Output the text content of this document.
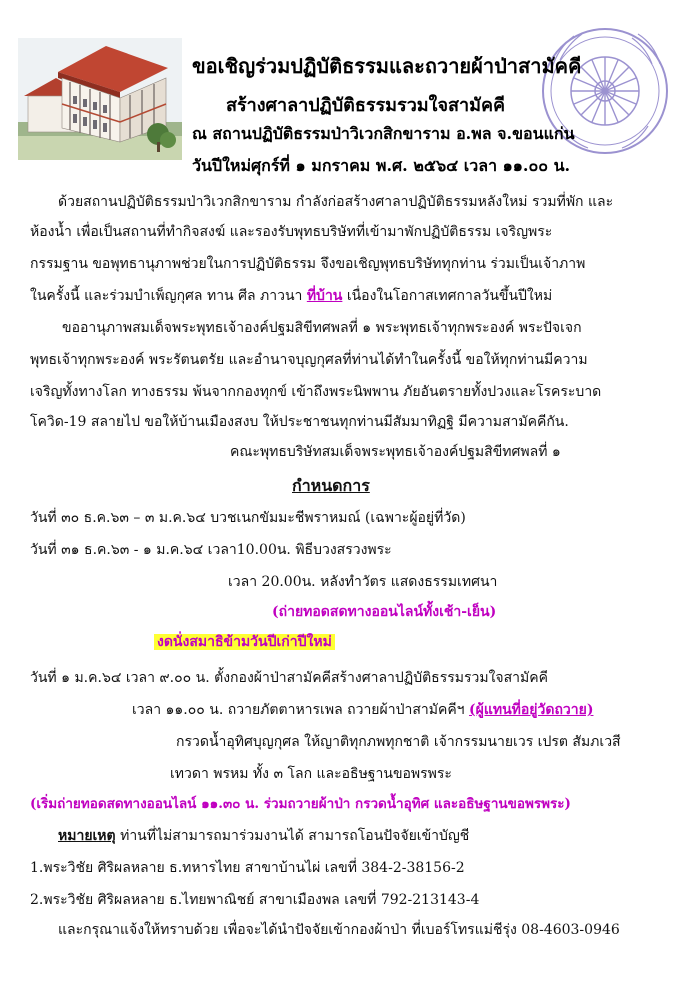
ขอเชิญร่วมปฏิบัติธรรมและถวายผ้าป่าสามัคคี
สร้างศาลาปฏิบัติธรรมรวมใจสามัคคี
ณ สถานปฏิบัติธรรมป่าวิเวกสิกขาราม อ.พล จ.ขอนแก่น
วันปีใหม่ศุกร์ที่ ๑ มกราคม พ.ศ. ๒๕๖๔ เวลา ๑๑.๐๐ น.
ด้วยสถานปฏิบัติธรรมป่าวิเวกสิกขาราม กำลังก่อสร้างศาลาปฏิบัติธรรมหลังใหม่ รวมที่พัก และ
ห้องน้ำ เพื่อเป็นสถานที่ทำกิจสงฆ์ และรองรับพุทธบริษัทที่เข้ามาพักปฏิบัติธรรม เจริญพระ
กรรมฐาน ขอพุทธานุภาพช่วยในการปฏิบัติธรรม จึงขอเชิญพุทธบริษัททุกท่าน ร่วมเป็นเจ้าภาพ
ในครั้งนี้ และร่วมบำเพ็ญกุศล ทาน ศีล ภาวนา ที่บ้าน เนื่องในโอกาสเทศกาลวันขึ้นปีใหม่
ขออานุภาพสมเด็จพระพุทธเจ้าองค์ปฐมสิขีทศพลที่ ๑ พระพุทธเจ้าทุกพระองค์ พระปัจเจก
พุทธเจ้าทุกพระองค์ พระรัตนตรัย และอำนาจบุญกุศลที่ท่านได้ทำในครั้งนี้ ขอให้ทุกท่านมีความ
เจริญทั้งทางโลก ทางธรรม พ้นจากกองทุกข์ เข้าถึงพระนิพพาน ภัยอันตรายทั้งปวงและโรคระบาด
โควิด-19 สลายไป ขอให้บ้านเมืองสงบ ให้ประชาชนทุกท่านมีสัมมาทิฏฐิ มีความสามัคคีกัน.
คณะพุทธบริษัทสมเด็จพระพุทธเจ้าองค์ปฐมสิขีทศพลที่ ๑
กำหนดการ
วันที่ ๓๐ ธ.ค.๖๓ – ๓ ม.ค.๖๔ บวชเนกขัมมะชีพราหมณ์ (เฉพาะผู้อยู่ที่วัด)
วันที่ ๓๑ ธ.ค.๖๓ - ๑ ม.ค.๖๔ เวลา10.00น. พิธีบวงสรวงพระ
เวลา 20.00น. หลังทำวัตร แสดงธรรมเทศนา
(ถ่ายทอดสดทางออนไลน์ทั้งเช้า-เย็น)
งดนั่งสมาธิข้ามวันปีเก่าปีใหม่
วันที่ ๑ ม.ค.๖๔ เวลา ๙.๐๐ น. ตั้งกองผ้าป่าสามัคคีสร้างศาลาปฏิบัติธรรมรวมใจสามัคคี
เวลา ๑๑.๐๐ น. ถวายภัตตาหารเพล ถวายผ้าป่าสามัคคีฯ (ผู้แทนที่อยู่วัดถวาย)
กรวดน้ำอุทิศบุญกุศล ให้ญาติทุกภพทุกชาติ เจ้ากรรมนายเวร เปรต สัมภเวสี
เทวดา พรหม ทั้ง ๓ โลก และอธิษฐานขอพรพระ
(เริ่มถ่ายทอดสดทางออนไลน์ ๑๑.๓๐ น. ร่วมถวายผ้าป่า กรวดน้ำอุทิศ และอธิษฐานขอพรพระ)
หมายเหตุ ท่านที่ไม่สามารถมาร่วมงานได้ สามารถโอนปัจจัยเข้าบัญชี
1.พระวิชัย ศิริผลหลาย ธ.ทหารไทย สาขาบ้านไผ่ เลขที่ 384-2-38156-2
2.พระวิชัย ศิริผลหลาย ธ.ไทยพาณิชย์ สาขาเมืองพล เลขที่ 792-213143-4
และกรุณาแจ้งให้ทราบด้วย เพื่อจะได้นำปัจจัยเข้ากองผ้าป่า ที่เบอร์โทรแม่ชีรุ่ง 08-4603-0946
